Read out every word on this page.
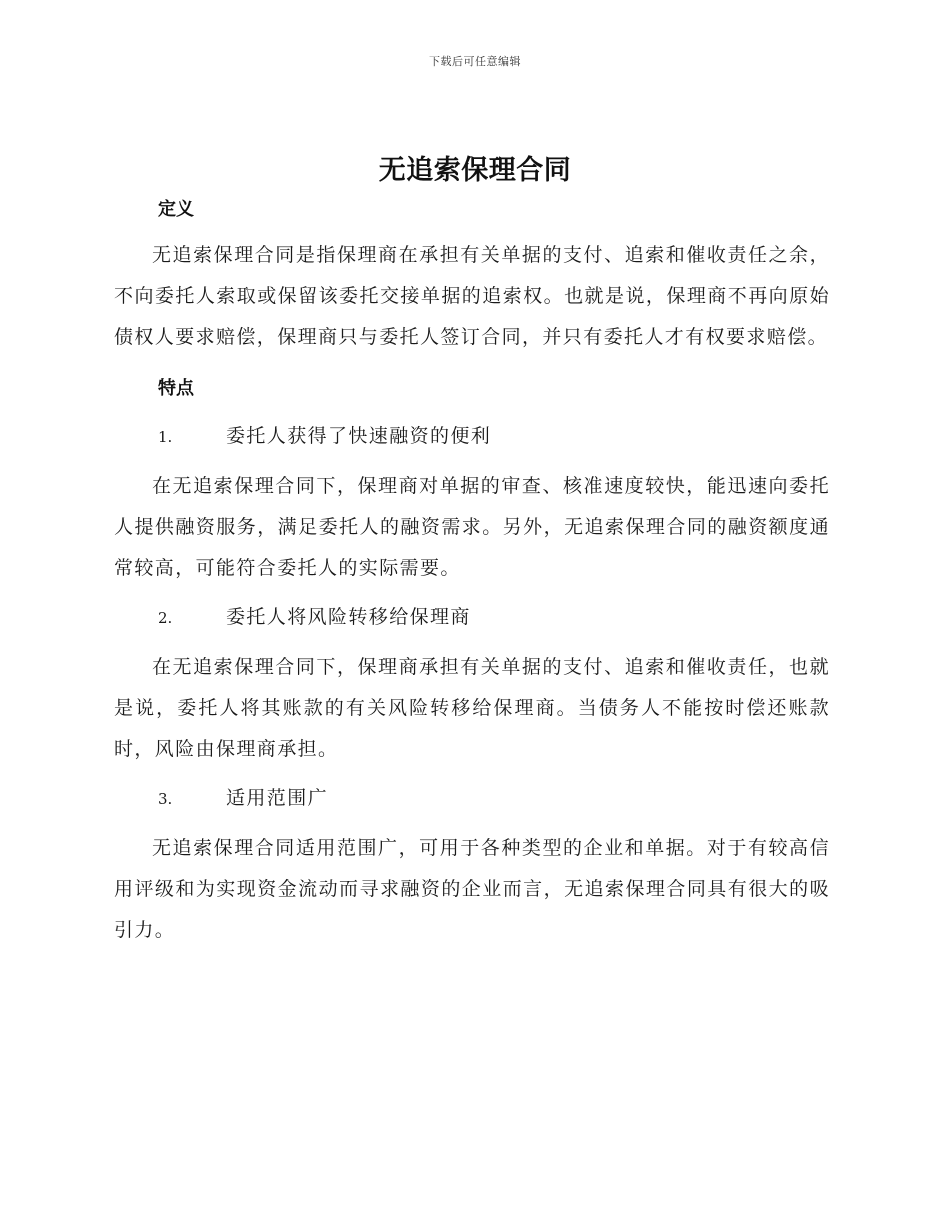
下载后可任意编辑
无追索保理合同
定义

无追索保理合同是指保理商在承担有关单据的支付、追索和催收责任之余，不向委托人索取或保留该委托交接单据的追索权。也就是说，保理商不再向原始债权人要求赔偿，保理商只与委托人签订合同，并只有委托人才有权要求赔偿。

特点
1.	委托人获得了快速融资的便利

在无追索保理合同下，保理商对单据的审查、核准速度较快，能迅速向委托人提供融资服务，满足委托人的融资需求。另外，无追索保理合同的融资额度通常较高，可能符合委托人的实际需要。

2.	委托人将风险转移给保理商

在无追索保理合同下，保理商承担有关单据的支付、追索和催收责任，也就是说，委托人将其账款的有关风险转移给保理商。当债务人不能按时偿还账款时，风险由保理商承担。

3.	适用范围广

无追索保理合同适用范围广，可用于各种类型的企业和单据。对于有较高信用评级和为实现资金流动而寻求融资的企业而言，无追索保理合同具有很大的吸引力。
